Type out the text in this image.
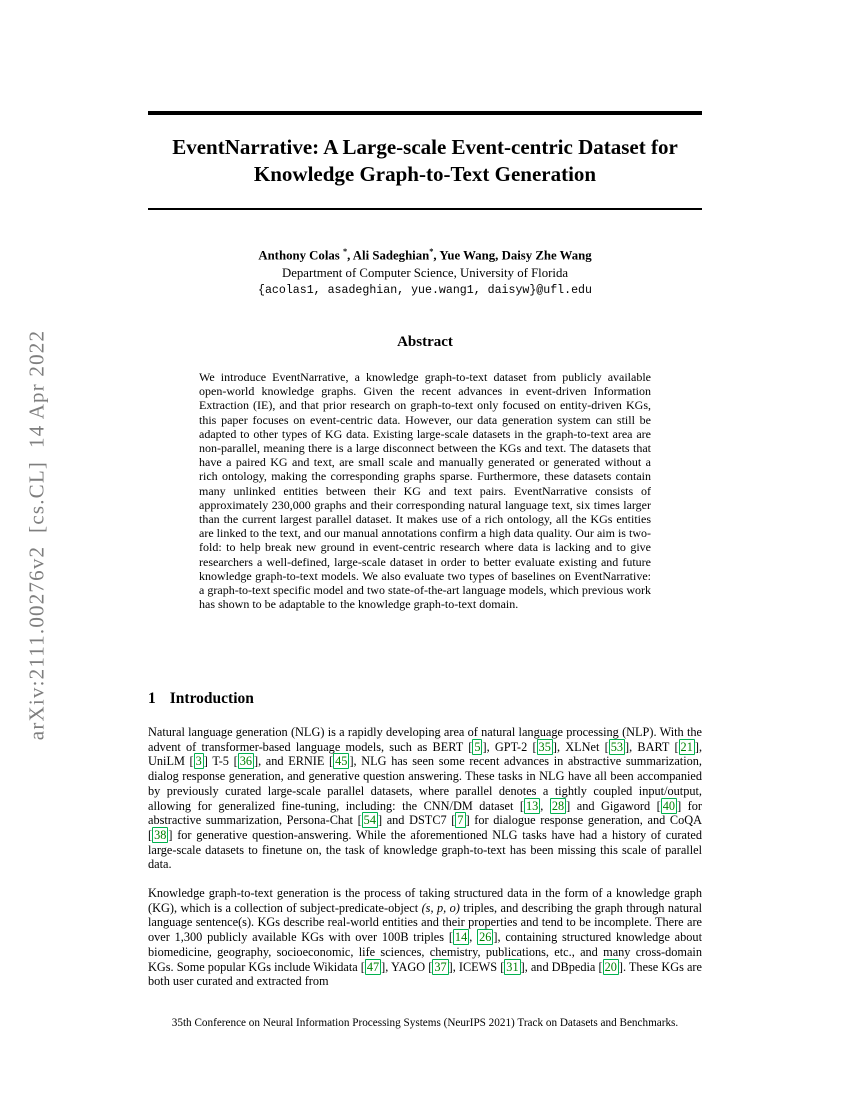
arXiv:2111.00276v2  [cs.CL]  14 Apr 2022
EventNarrative: A Large-scale Event-centric Dataset for Knowledge Graph-to-Text Generation
Anthony Colas *, Ali Sadeghian*, Yue Wang, Daisy Zhe Wang
Department of Computer Science, University of Florida
{acolas1, asadeghian, yue.wang1, daisyw}@ufl.edu
Abstract

We introduce EventNarrative, a knowledge graph-to-text dataset from publicly available open-world knowledge graphs. Given the recent advances in event-driven Information Extraction (IE), and that prior research on graph-to-text only focused on entity-driven KGs, this paper focuses on event-centric data. However, our data generation system can still be adapted to other types of KG data. Existing large-scale datasets in the graph-to-text area are non-parallel, meaning there is a large disconnect between the KGs and text. The datasets that have a paired KG and text, are small scale and manually generated or generated without a rich ontology, making the corresponding graphs sparse. Furthermore, these datasets contain many unlinked entities between their KG and text pairs. EventNarrative consists of approximately 230,000 graphs and their corresponding natural language text, six times larger than the current largest parallel dataset. It makes use of a rich ontology, all the KGs entities are linked to the text, and our manual annotations confirm a high data quality. Our aim is two-fold: to help break new ground in event-centric research where data is lacking and to give researchers a well-defined, large-scale dataset in order to better evaluate existing and future knowledge graph-to-text models. We also evaluate two types of baselines on EventNarrative: a graph-to-text specific model and two state-of-the-art language models, which previous work has shown to be adaptable to the knowledge graph-to-text domain.

1 Introduction

Natural language generation (NLG) is a rapidly developing area of natural language processing (NLP). With the advent of transformer-based language models, such as BERT [ 5 ], GPT-2 [ 35 ], XLNet [ 53 ], BART [ 21 ], UniLM [ 3 ] T-5 [ 36 ], and ERNIE [ 45 ], NLG has seen some recent advances in abstractive summarization, dialog response generation, and generative question answering. These tasks in NLG have all been accompanied by previously curated large-scale parallel datasets, where parallel denotes a tightly coupled input/output, allowing for generalized fine-tuning, including: the CNN/DM dataset [ 13 , 28 ] and Gigaword [ 40 ] for abstractive summarization, Persona-Chat [ 54 ] and DSTC7 [ 7 ] for dialogue response generation, and CoQA [ 38 ] for generative question-answering. While the aforementioned NLG tasks have had a history of curated large-scale datasets to finetune on, the task of knowledge graph-to-text has been missing this scale of parallel data.

Knowledge graph-to-text generation is the process of taking structured data in the form of a knowledge graph (KG), which is a collection of subject-predicate-object (s, p, o) triples, and describing the graph through natural language sentence(s). KGs describe real-world entities and their properties and tend to be incomplete. There are over 1,300 publicly available KGs with over 100B triples [ 14 , 26 ], containing structured knowledge about biomedicine, geography, socioeconomic, life sciences, chemistry, publications, etc., and many cross-domain KGs. Some popular KGs include Wikidata [ 47 ], YAGO [ 37 ], ICEWS [ 31 ], and DBpedia [ 20 ]. These KGs are both user curated and extracted from

35th Conference on Neural Information Processing Systems (NeurIPS 2021) Track on Datasets and Benchmarks.
